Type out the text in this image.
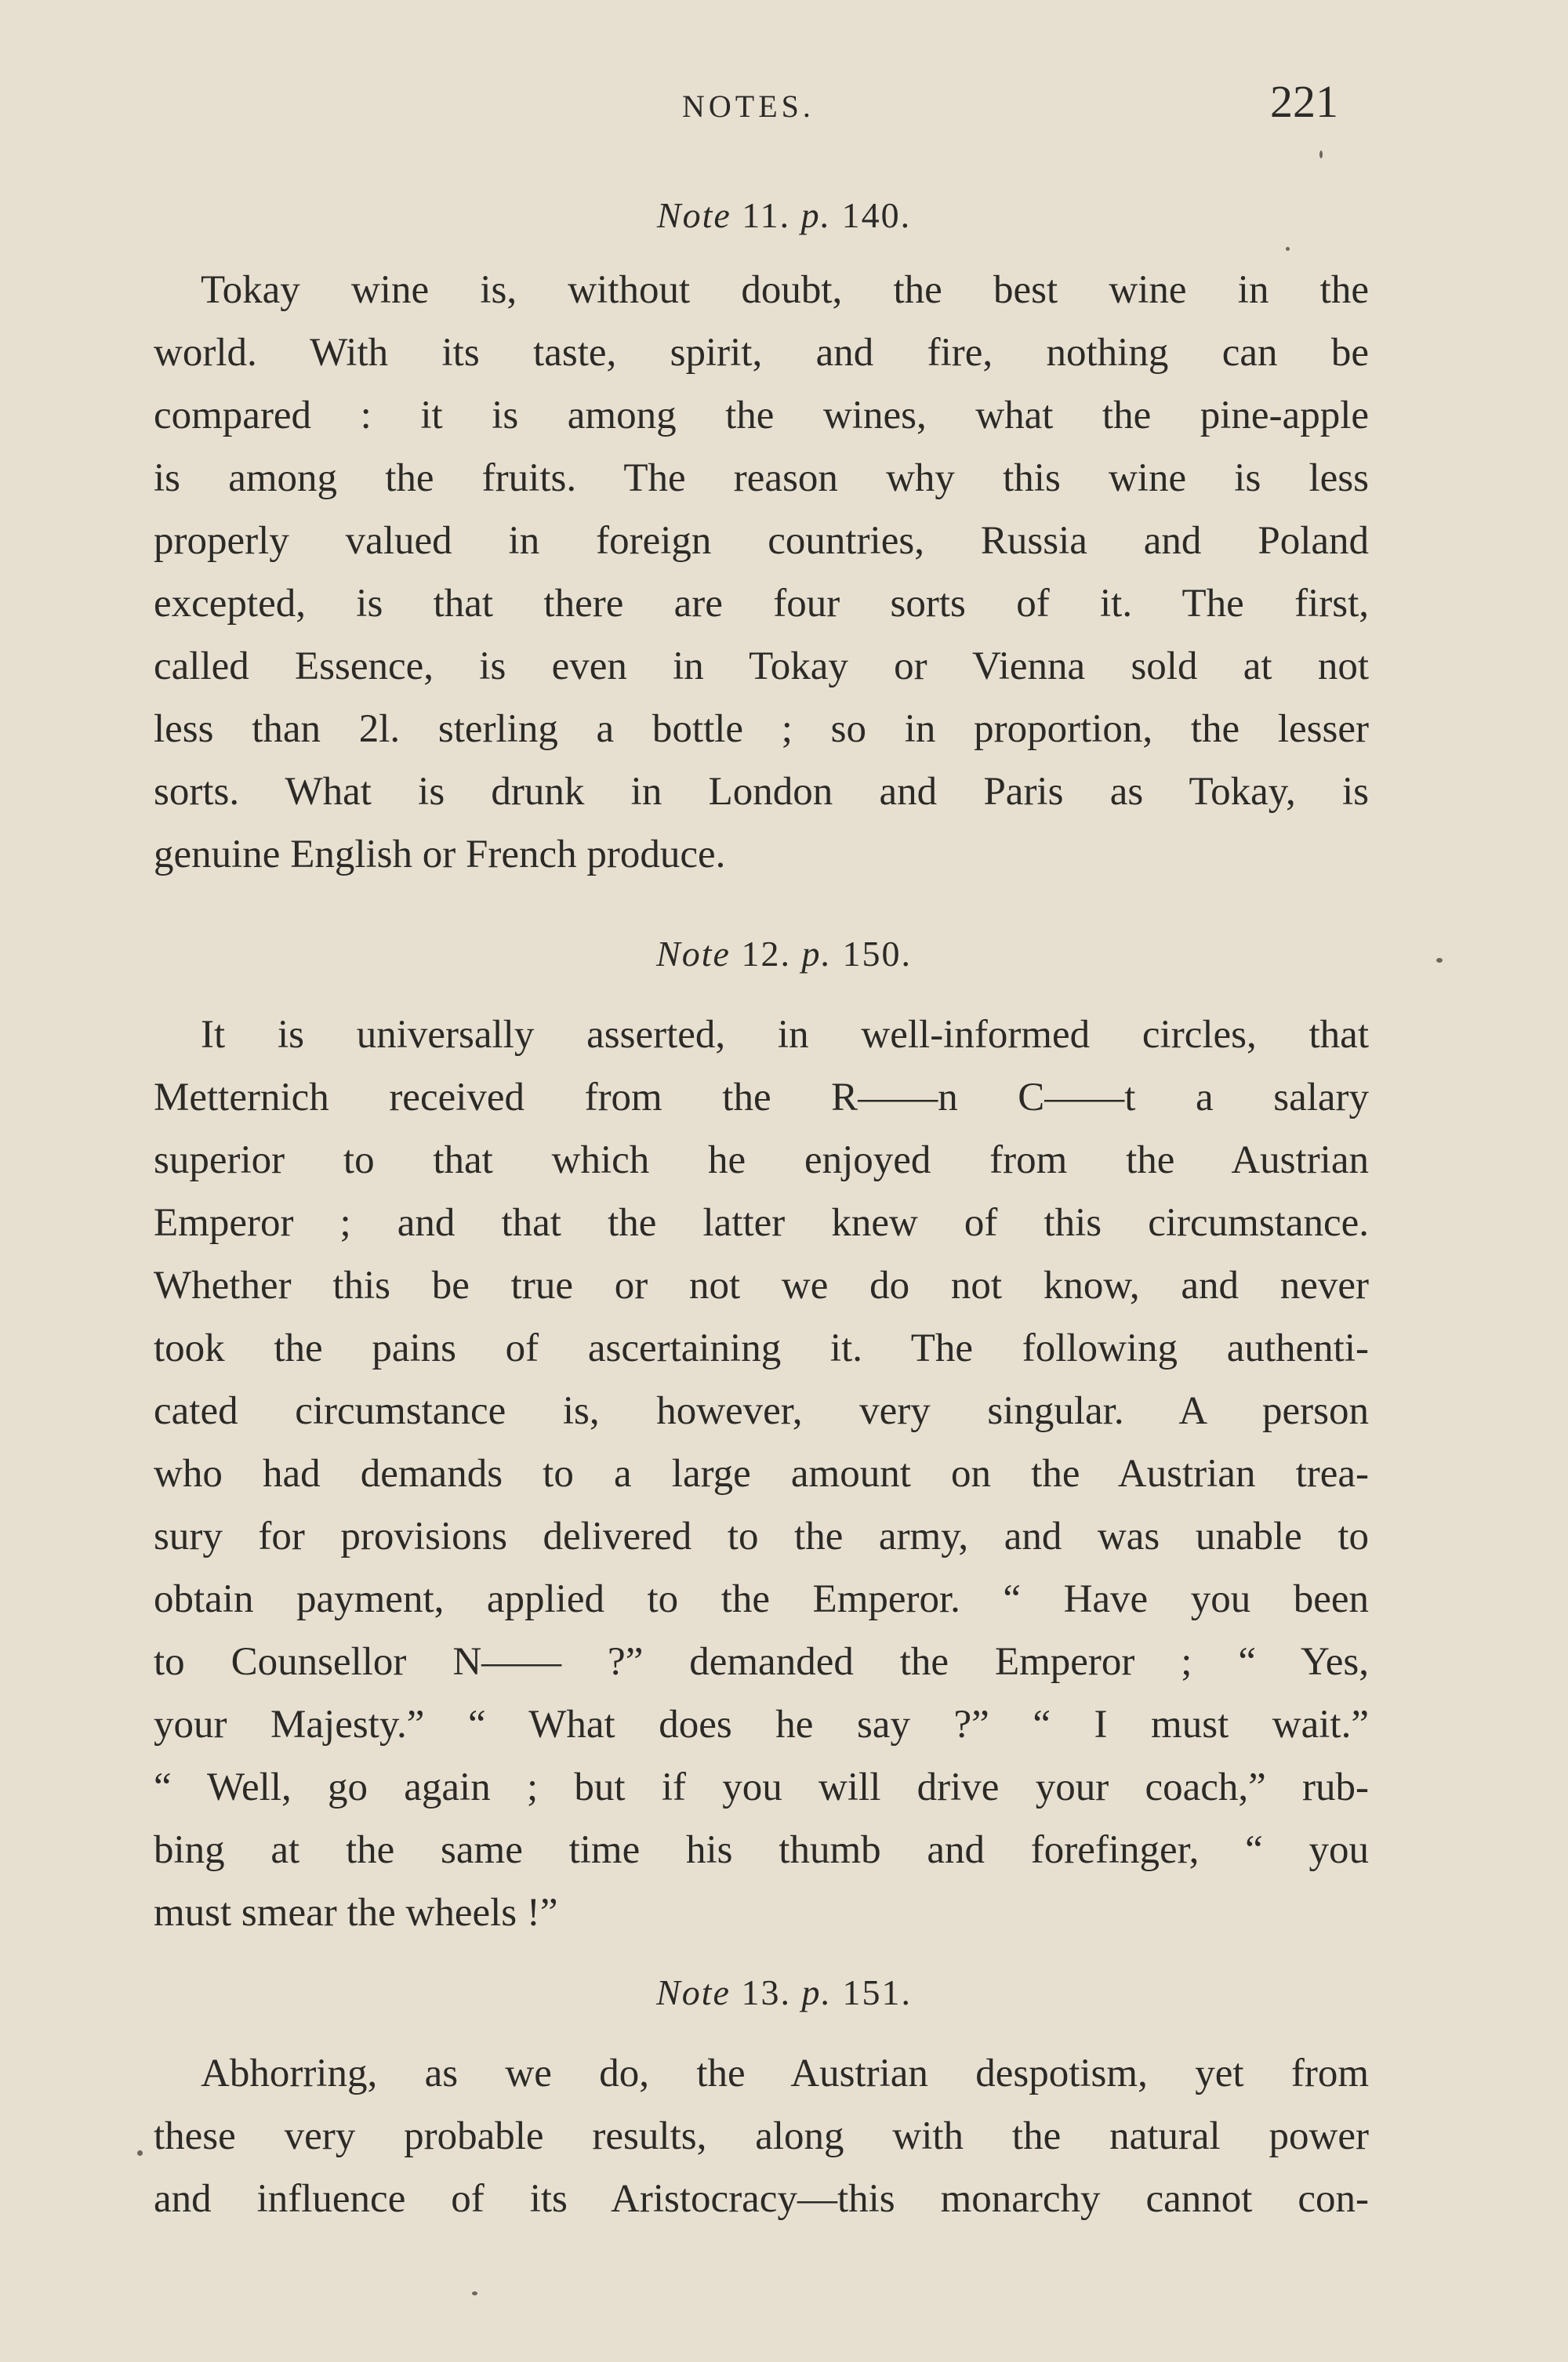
NOTES.	221
Note 11. p. 140.
Tokay wine is, without doubt, the best wine in the
world. With its taste, spirit, and fire, nothing can be
compared : it is among the wines, what the pine-apple
is among the fruits. The reason why this wine is less
properly valued in foreign countries, Russia and Poland
excepted, is that there are four sorts of it. The first,
called Essence, is even in Tokay or Vienna sold at not
less than 2l. sterling a bottle ; so in proportion, the lesser
sorts. What is drunk in London and Paris as Tokay, is
genuine English or French produce.
Note 12. p. 150.
It is universally asserted, in well-informed circles, that
Metternich received from the R——n C——t a salary
superior to that which he enjoyed from the Austrian
Emperor ; and that the latter knew of this circumstance.
Whether this be true or not we do not know, and never
took the pains of ascertaining it. The following authenti-
cated circumstance is, however, very singular. A person
who had demands to a large amount on the Austrian trea-
sury for provisions delivered to the army, and was unable to
obtain payment, applied to the Emperor. “ Have you been
to Counsellor N—— ?” demanded the Emperor ; “ Yes,
your Majesty.” “ What does he say ?” “ I must wait.”
“ Well, go again ; but if you will drive your coach,” rub-
bing at the same time his thumb and forefinger, “ you
must smear the wheels !”
Note 13. p. 151.
Abhorring, as we do, the Austrian despotism, yet from
these very probable results, along with the natural power
and influence of its Aristocracy—this monarchy cannot con-
